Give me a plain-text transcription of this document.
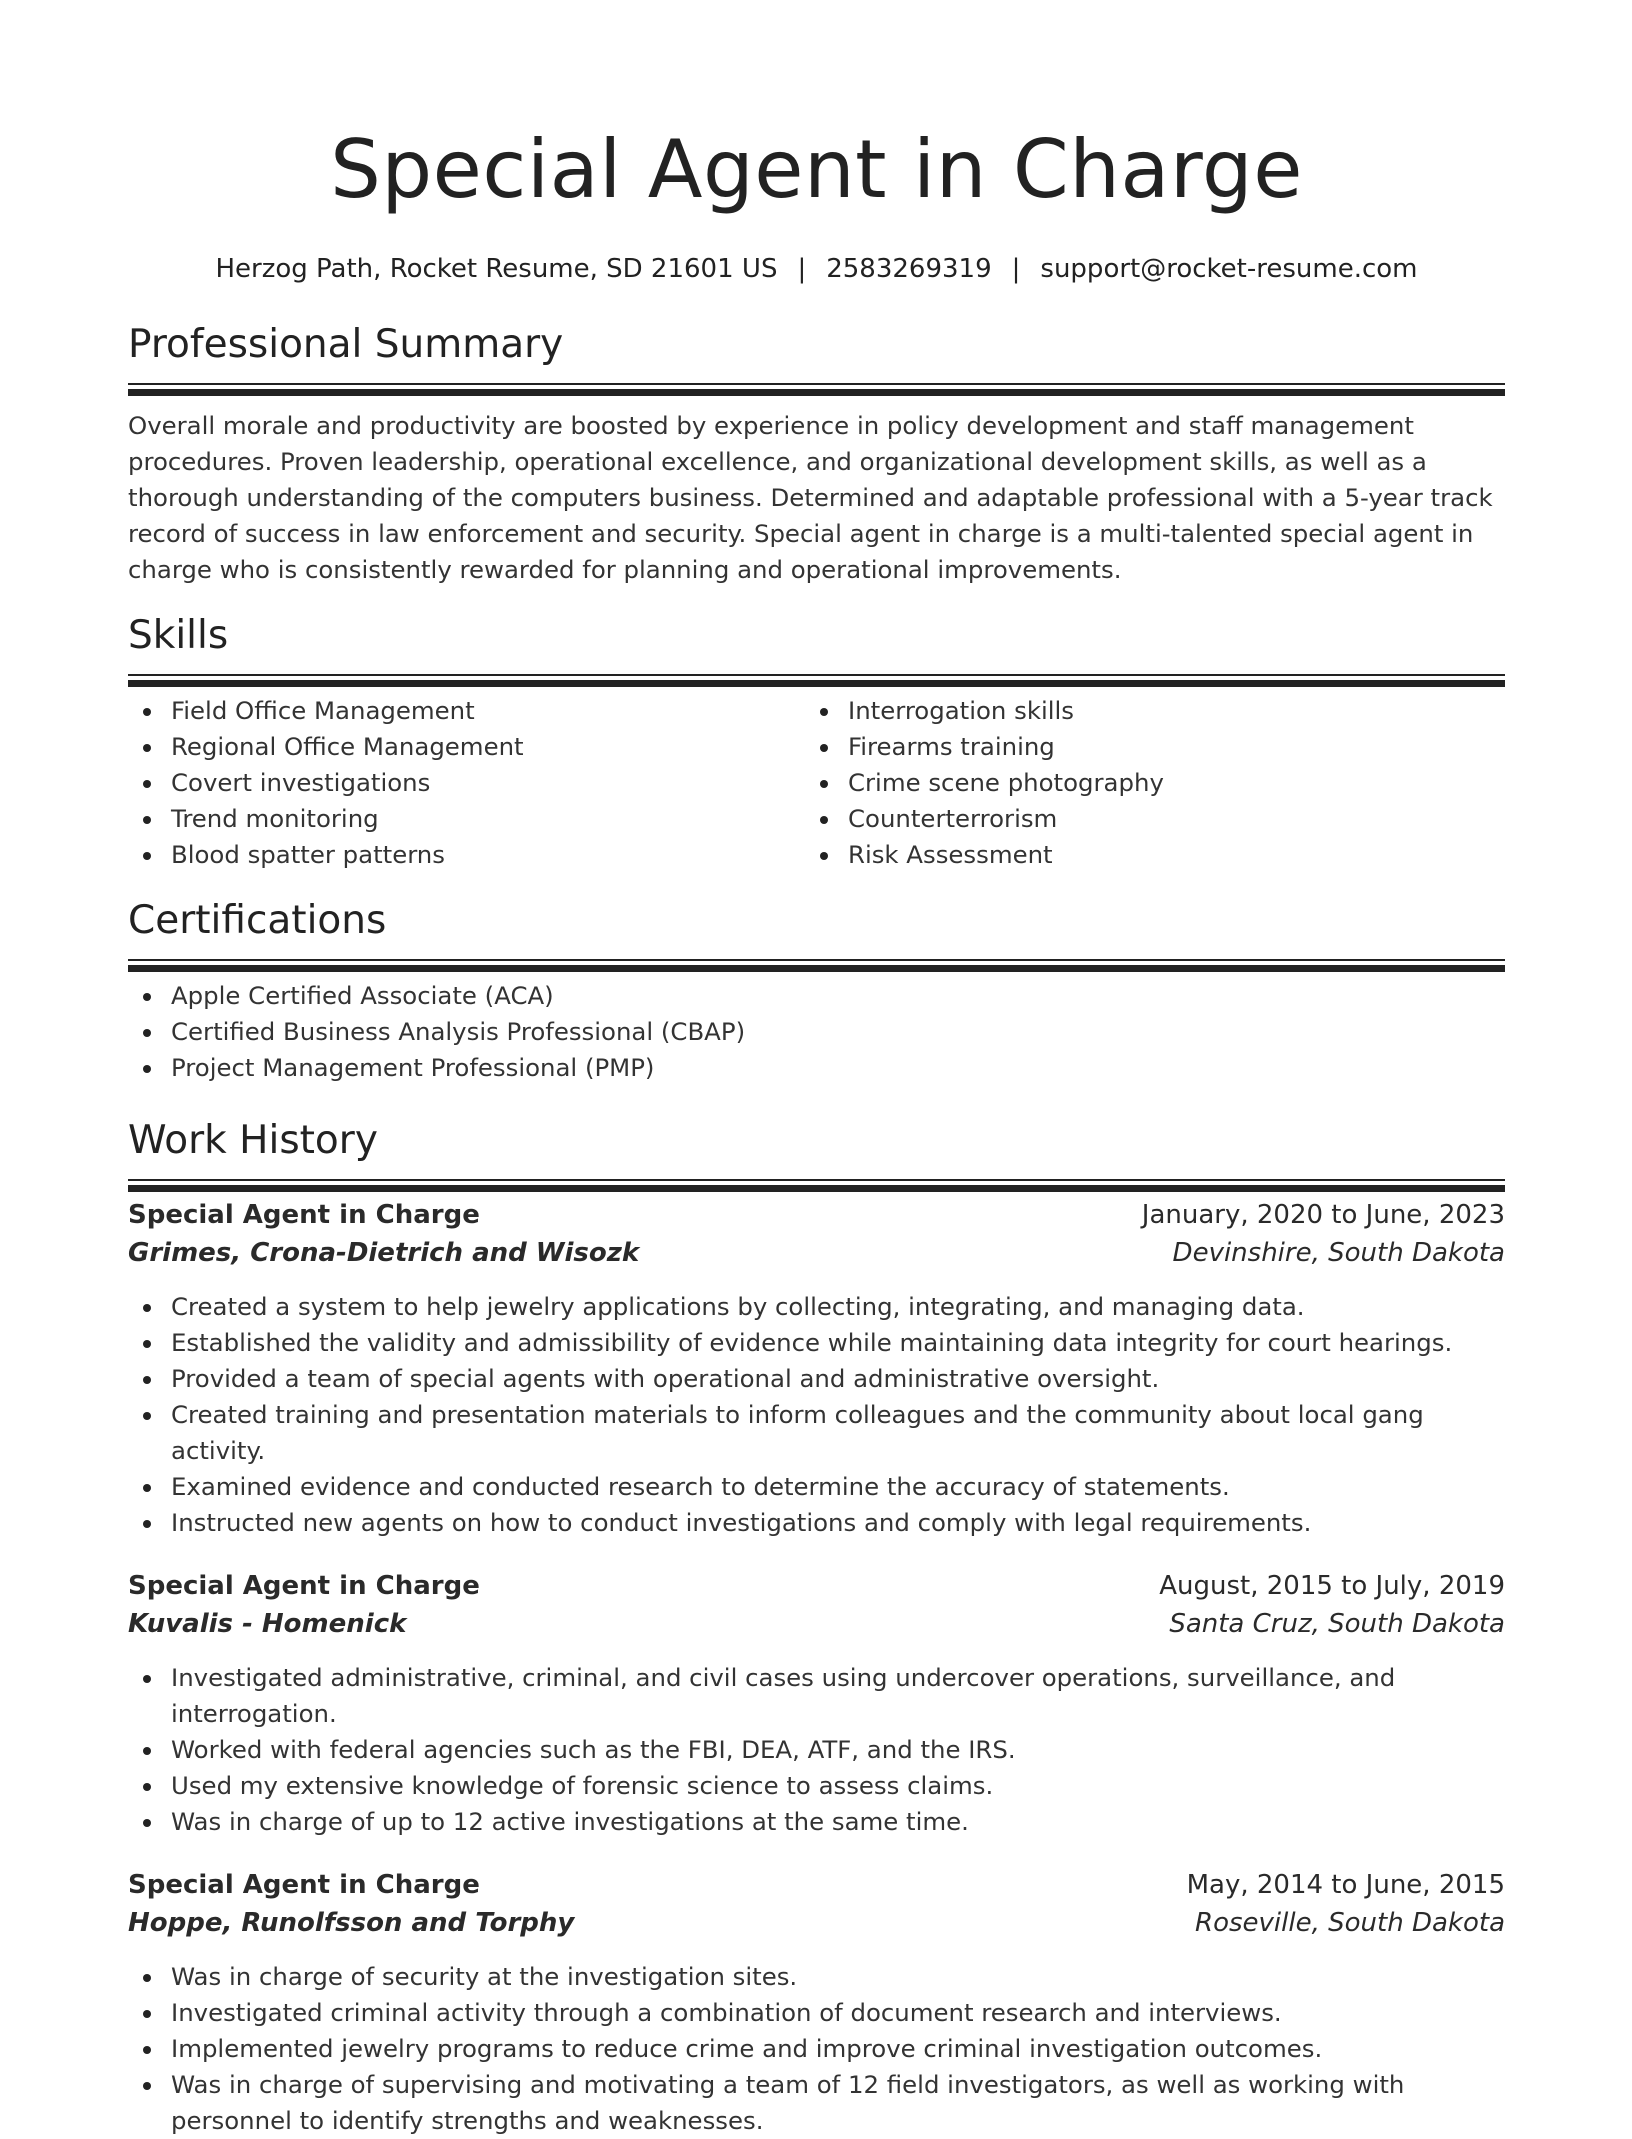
Special Agent in Charge
Herzog Path, Rocket Resume, SD 21601 US | 2583269319 | support@rocket-resume.com
Professional Summary

Overall morale and productivity are boosted by experience in policy development and staff management procedures. Proven leadership, operational excellence, and organizational development skills, as well as a thorough understanding of the computers business. Determined and adaptable professional with a 5-year track record of success in law enforcement and security. Special agent in charge is a multi-talented special agent in charge who is consistently rewarded for planning and operational improvements.

Skills
Field Office Management
Regional Office Management
Covert investigations
Trend monitoring
Blood spatter patterns
Interrogation skills
Firearms training
Crime scene photography
Counterterrorism
Risk Assessment
Certifications
Apple Certified Associate (ACA)
Certified Business Analysis Professional (CBAP)
Project Management Professional (PMP)
Work History
Special Agent in Charge	January, 2020 to June, 2023
Grimes, Crona-Dietrich and Wisozk	Devinshire, South Dakota
Created a system to help jewelry applications by collecting, integrating, and managing data.
Established the validity and admissibility of evidence while maintaining data integrity for court hearings.
Provided a team of special agents with operational and administrative oversight.
Created training and presentation materials to inform colleagues and the community about local gang activity.
Examined evidence and conducted research to determine the accuracy of statements.
Instructed new agents on how to conduct investigations and comply with legal requirements.
Special Agent in Charge	August, 2015 to July, 2019
Kuvalis - Homenick	Santa Cruz, South Dakota
Investigated administrative, criminal, and civil cases using undercover operations, surveillance, and interrogation.
Worked with federal agencies such as the FBI, DEA, ATF, and the IRS.
Used my extensive knowledge of forensic science to assess claims.
Was in charge of up to 12 active investigations at the same time.
Special Agent in Charge	May, 2014 to June, 2015
Hoppe, Runolfsson and Torphy	Roseville, South Dakota
Was in charge of security at the investigation sites.
Investigated criminal activity through a combination of document research and interviews.
Implemented jewelry programs to reduce crime and improve criminal investigation outcomes.
Was in charge of supervising and motivating a team of 12 field investigators, as well as working with personnel to identify strengths and weaknesses.
